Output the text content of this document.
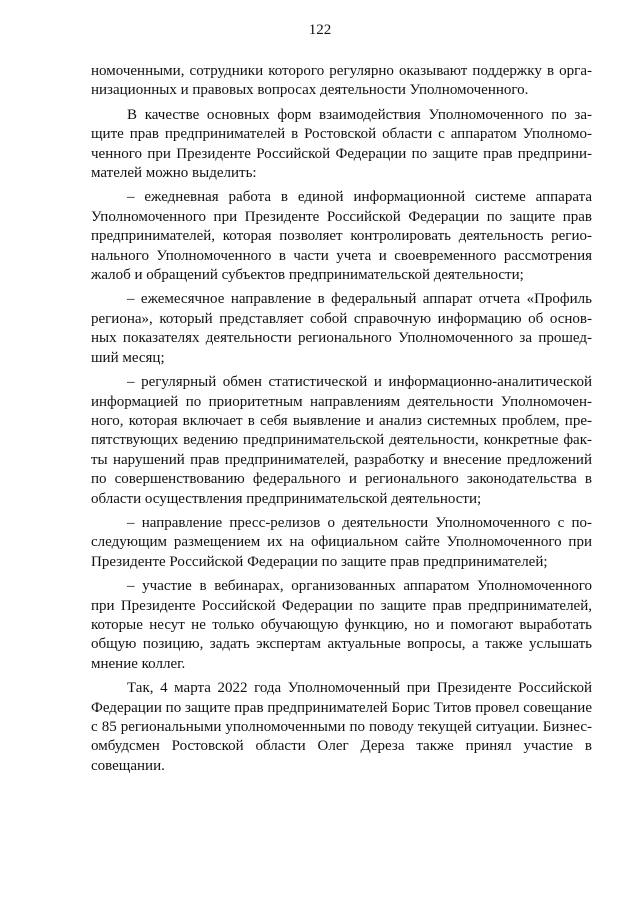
122

номоченными, сотрудники которого регулярно оказывают поддержку в организационных и правовых вопросах деятельности Уполномоченного.

В качестве основных форм взаимодействия Уполномоченного по защите прав предпринимателей в Ростовской области с аппаратом Уполномоченного при Президенте Российской Федерации по защите прав предпринимателей можно выделить:

– ежедневная работа в единой информационной системе аппарата Уполномоченного при Президенте Российской Федерации по защите прав предпринимателей, которая позволяет контролировать деятельность регионального Уполномоченного в части учета и своевременного рассмотрения жалоб и обращений субъектов предпринимательской деятельности;

– ежемесячное направление в федеральный аппарат отчета «Профиль региона», который представляет собой справочную информацию об основных показателях деятельности регионального Уполномоченного за прошедший месяц;

– регулярный обмен статистической и информационно-аналитической информацией по приоритетным направлениям деятельности Уполномоченного, которая включает в себя выявление и анализ системных проблем, препятствующих ведению предпринимательской деятельности, конкретные факты нарушений прав предпринимателей, разработку и внесение предложений по совершенствованию федерального и регионального законодательства в области осуществления предпринимательской деятельности;

– направление пресс-релизов о деятельности Уполномоченного с последующим размещением их на официальном сайте Уполномоченного при Президенте Российской Федерации по защите прав предпринимателей;

– участие в вебинарах, организованных аппаратом Уполномоченного при Президенте Российской Федерации по защите прав предпринимателей, которые несут не только обучающую функцию, но и помогают выработать общую позицию, задать экспертам актуальные вопросы, а также услышать мнение коллег.

Так, 4 марта 2022 года Уполномоченный при Президенте Российской Федерации по защите прав предпринимателей Борис Титов провел совещание с 85 региональными уполномоченными по поводу текущей ситуации. Бизнес-омбудсмен Ростовской области Олег Дереза также принял участие в совещании.
